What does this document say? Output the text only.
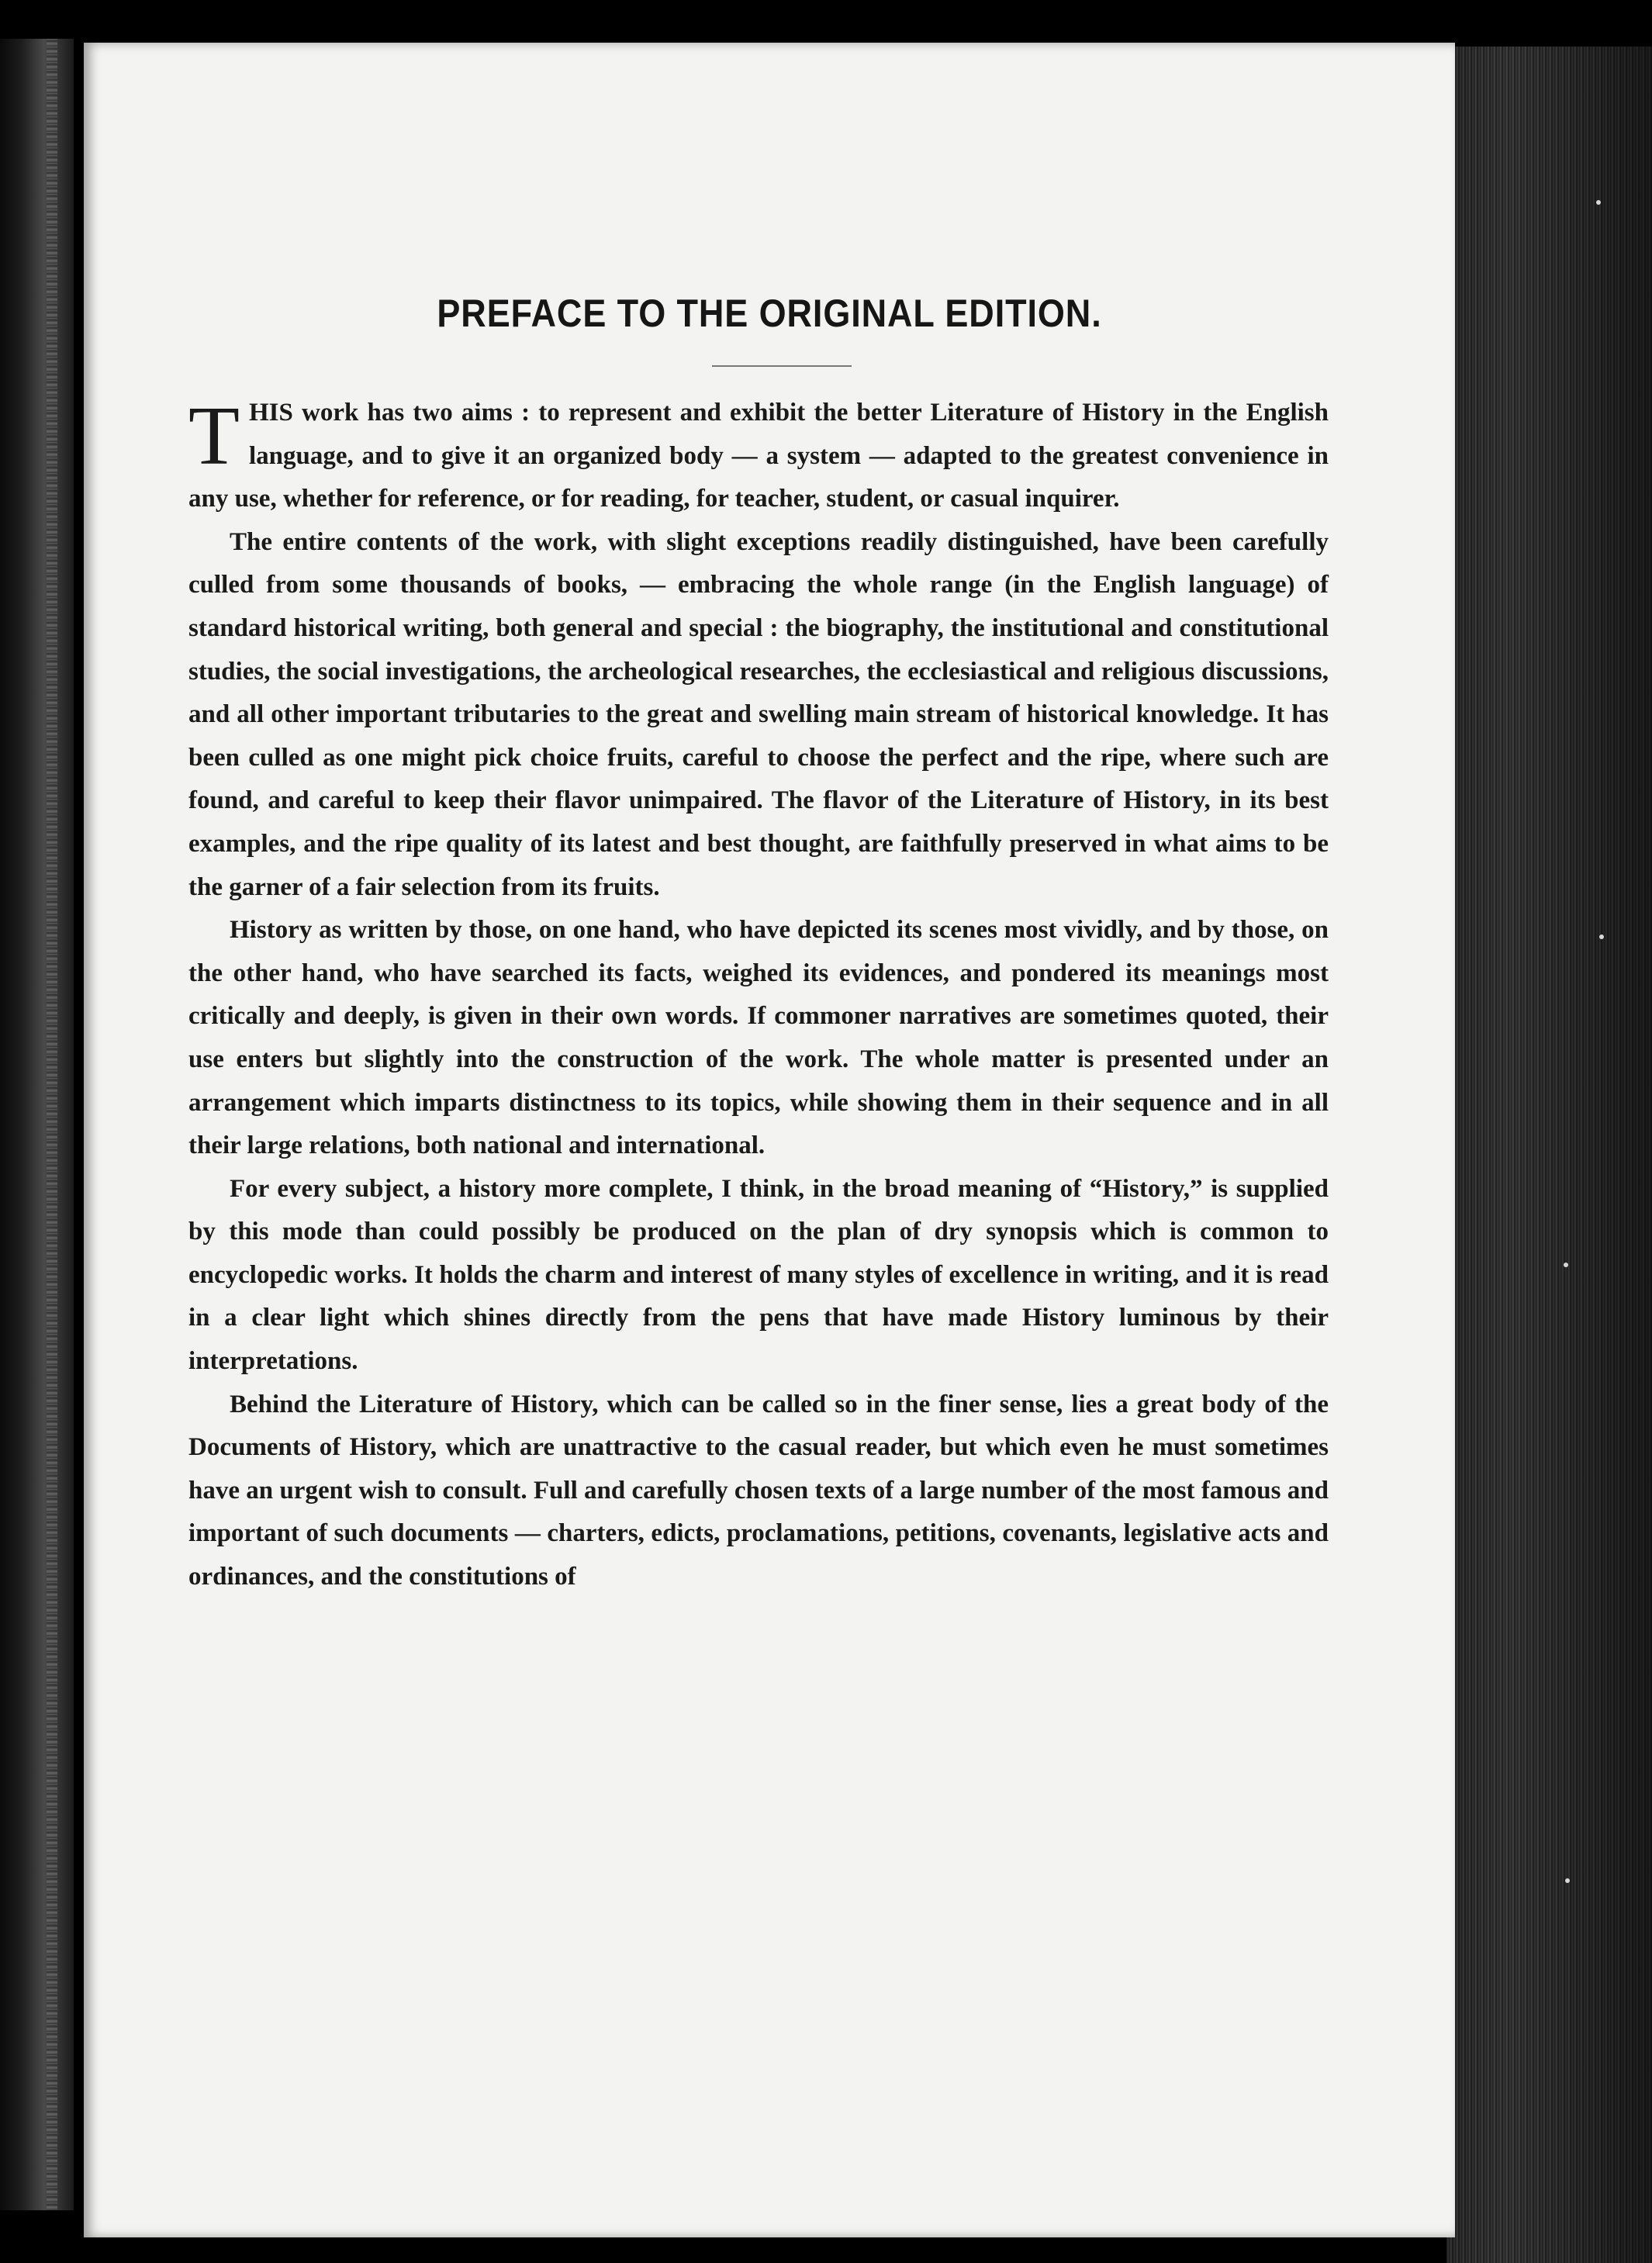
PREFACE TO THE ORIGINAL EDITION.

THIS work has two aims : to represent and exhibit the better Literature of History in the English language, and to give it an organized body — a system — adapted to the greatest convenience in any use, whether for reference, or for reading, for teacher, student, or casual inquirer.

The entire contents of the work, with slight exceptions readily distinguished, have been carefully culled from some thousands of books, — embracing the whole range (in the English language) of standard historical writing, both general and special : the biography, the institutional and constitutional studies, the social investigations, the archeological researches, the ecclesiastical and religious discussions, and all other important tributaries to the great and swelling main stream of historical knowledge. It has been culled as one might pick choice fruits, careful to choose the perfect and the ripe, where such are found, and careful to keep their flavor unimpaired. The flavor of the Literature of History, in its best examples, and the ripe quality of its latest and best thought, are faithfully preserved in what aims to be the garner of a fair selection from its fruits.

History as written by those, on one hand, who have depicted its scenes most vividly, and by those, on the other hand, who have searched its facts, weighed its evidences, and pondered its meanings most critically and deeply, is given in their own words. If commoner narratives are sometimes quoted, their use enters but slightly into the construction of the work. The whole matter is presented under an arrangement which imparts distinctness to its topics, while showing them in their sequence and in all their large relations, both national and international.

For every subject, a history more complete, I think, in the broad meaning of “History,” is supplied by this mode than could possibly be produced on the plan of dry synopsis which is common to encyclopedic works. It holds the charm and interest of many styles of excellence in writing, and it is read in a clear light which shines directly from the pens that have made History luminous by their interpretations.

Behind the Literature of History, which can be called so in the finer sense, lies a great body of the Documents of History, which are unattractive to the casual reader, but which even he must sometimes have an urgent wish to consult. Full and carefully chosen texts of a large number of the most famous and important of such documents — charters, edicts, proclamations, petitions, covenants, legislative acts and ordinances, and the constitutions of
